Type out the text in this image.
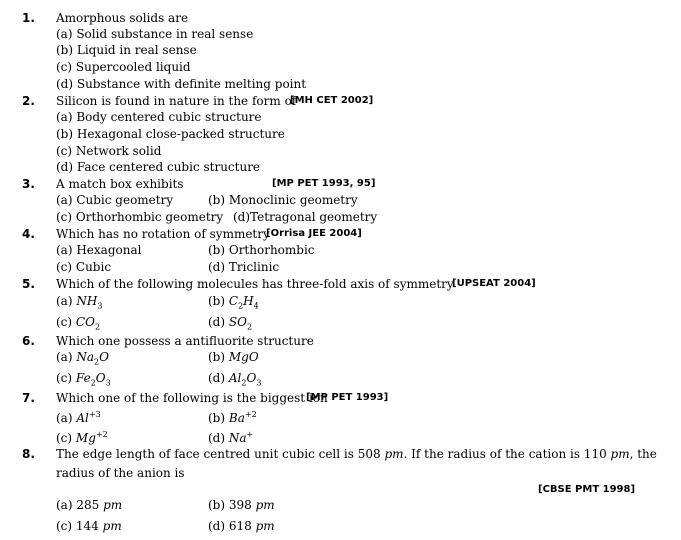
1. Amorphous solids are
(a) Solid substance in real sense
(b) Liquid in real sense
(c) Supercooled liquid
(d) Substance with definite melting point
2. Silicon is found in nature in the form of
[MH CET 2002]
(a) Body centered cubic structure
(b) Hexagonal close-packed structure
(c) Network solid
(d) Face centered cubic structure
3. A match box exhibits	[MP PET 1993, 95]
(a) Cubic geometry	(b) Monoclinic geometry
(c) Orthorhombic geometry (d)Tetragonal geometry
4. Which has no rotation of symmetry
[Orrisa JEE 2004]
(a) Hexagonal	(b) Orthorhombic
(c) Cubic	(d) Triclinic
5. Which of the following molecules has three-fold axis of symmetry
[UPSEAT 2004]
(a) $NH_3$	(b) $C_2H_4$
(c) $CO_2$	(d) $SO_2$
6. Which one possess a antifluorite structure
(a) $Na_2O$	(b) MgO
(c) $Fe_2O_3$	(d) $Al_2O_3$
7. Which one of the following is the biggest ion
[MP PET 1993]
(a) $Al^{+3}$	(b) $Ba^{+2}$
(c) $Mg^{+2}$	(d) Na+
8. The edge length of face centred unit cubic cell is 508 pm. If the radius of the cation is 110 pm, the
radius of the anion is
[CBSE PMT 1998]
(a) 285 pm	(b) 398 pm
(c) 144 pm	(d) 618 pm
